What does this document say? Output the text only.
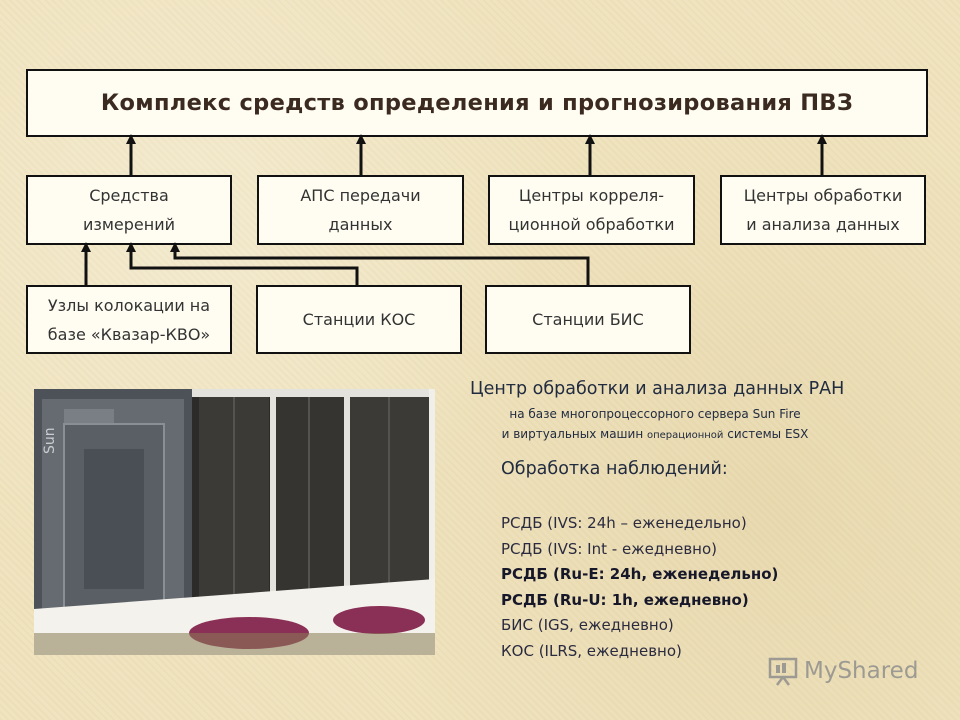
Комплекс средств определения и прогнозирования ПВЗ
Средства
измерений
АПС передачи
данных
Центры корреля-
ционной обработки
Центры обработки
и анализа данных
Узлы колокации на
базе «Квазар-КВО»
Станции КОС	Станции БИС
Sun
Центр обработки и анализа данных РАН
на базе многопроцессорного сервера Sun Fire
и виртуальных машин операционной системы ESX
Обработка наблюдений:
РСДБ (IVS: 24h – еженедельно)
РСДБ (IVS: Int - ежедневно)
РСДБ (Ru-E: 24h, еженедельно)
РСДБ (Ru-U: 1h, ежедневно)
БИС (IGS, ежедневно)
КОС (ILRS, ежедневно)
MyShared
